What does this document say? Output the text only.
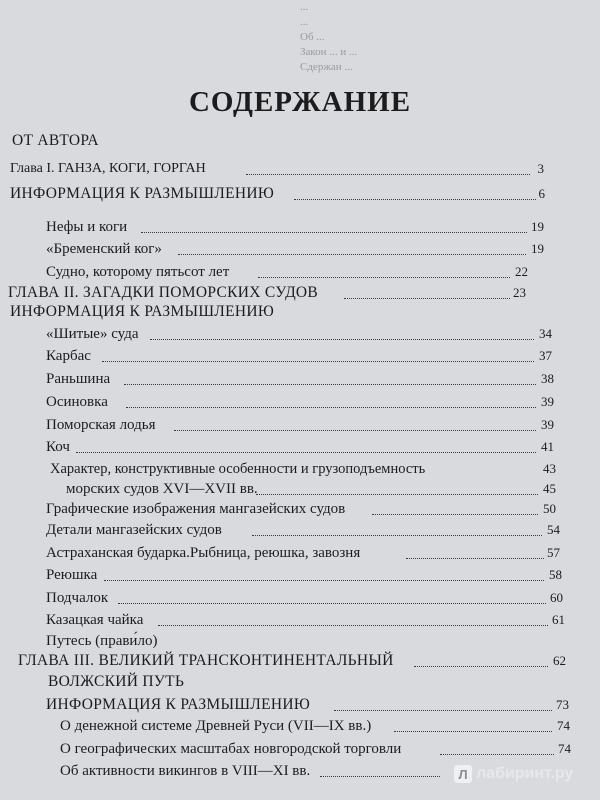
...
...
Об ...
Закон ... и ...
Сдержан ...
СОДЕРЖАНИЕ
ОТ АВТОРА
Глава I. ГАНЗА, КОГИ, ГОРГАН	3
ИНФОРМАЦИЯ К РАЗМЫШЛЕНИЮ	6
Нефы и коги	19
«Бременский ког»	19
Судно, которому пятьсот лет	22
ГЛАВА II. ЗАГАДКИ ПОМОРСКИХ СУДОВ	23
ИНФОРМАЦИЯ К РАЗМЫШЛЕНИЮ
«Шитые» суда	34
Карбас	37
Раньшина	38
Осиновка	39
Поморская лодья	39
Коч	41
Характер, конструктивные особенности и грузоподъемность	43
морских судов XVI—XVII вв.	45
Графические изображения мангазейских судов	50
Детали мангазейских судов	54
Астраханская бударка.Рыбница, реюшка, завозня	57
Реюшка	58
Подчалок	60
Казацкая чайка	61
Путесь (прави́ло)
ГЛАВА III. ВЕЛИКИЙ ТРАНСКОНТИНЕНТАЛЬНЫЙ	62
ВОЛЖСКИЙ ПУТЬ
ИНФОРМАЦИЯ К РАЗМЫШЛЕНИЮ	73
О денежной системе Древней Руси (VII—IX вв.)	74
О географических масштабах новгородской торговли	74
Об активности викингов в VIII—XI вв.	Л лабиринт.ру
